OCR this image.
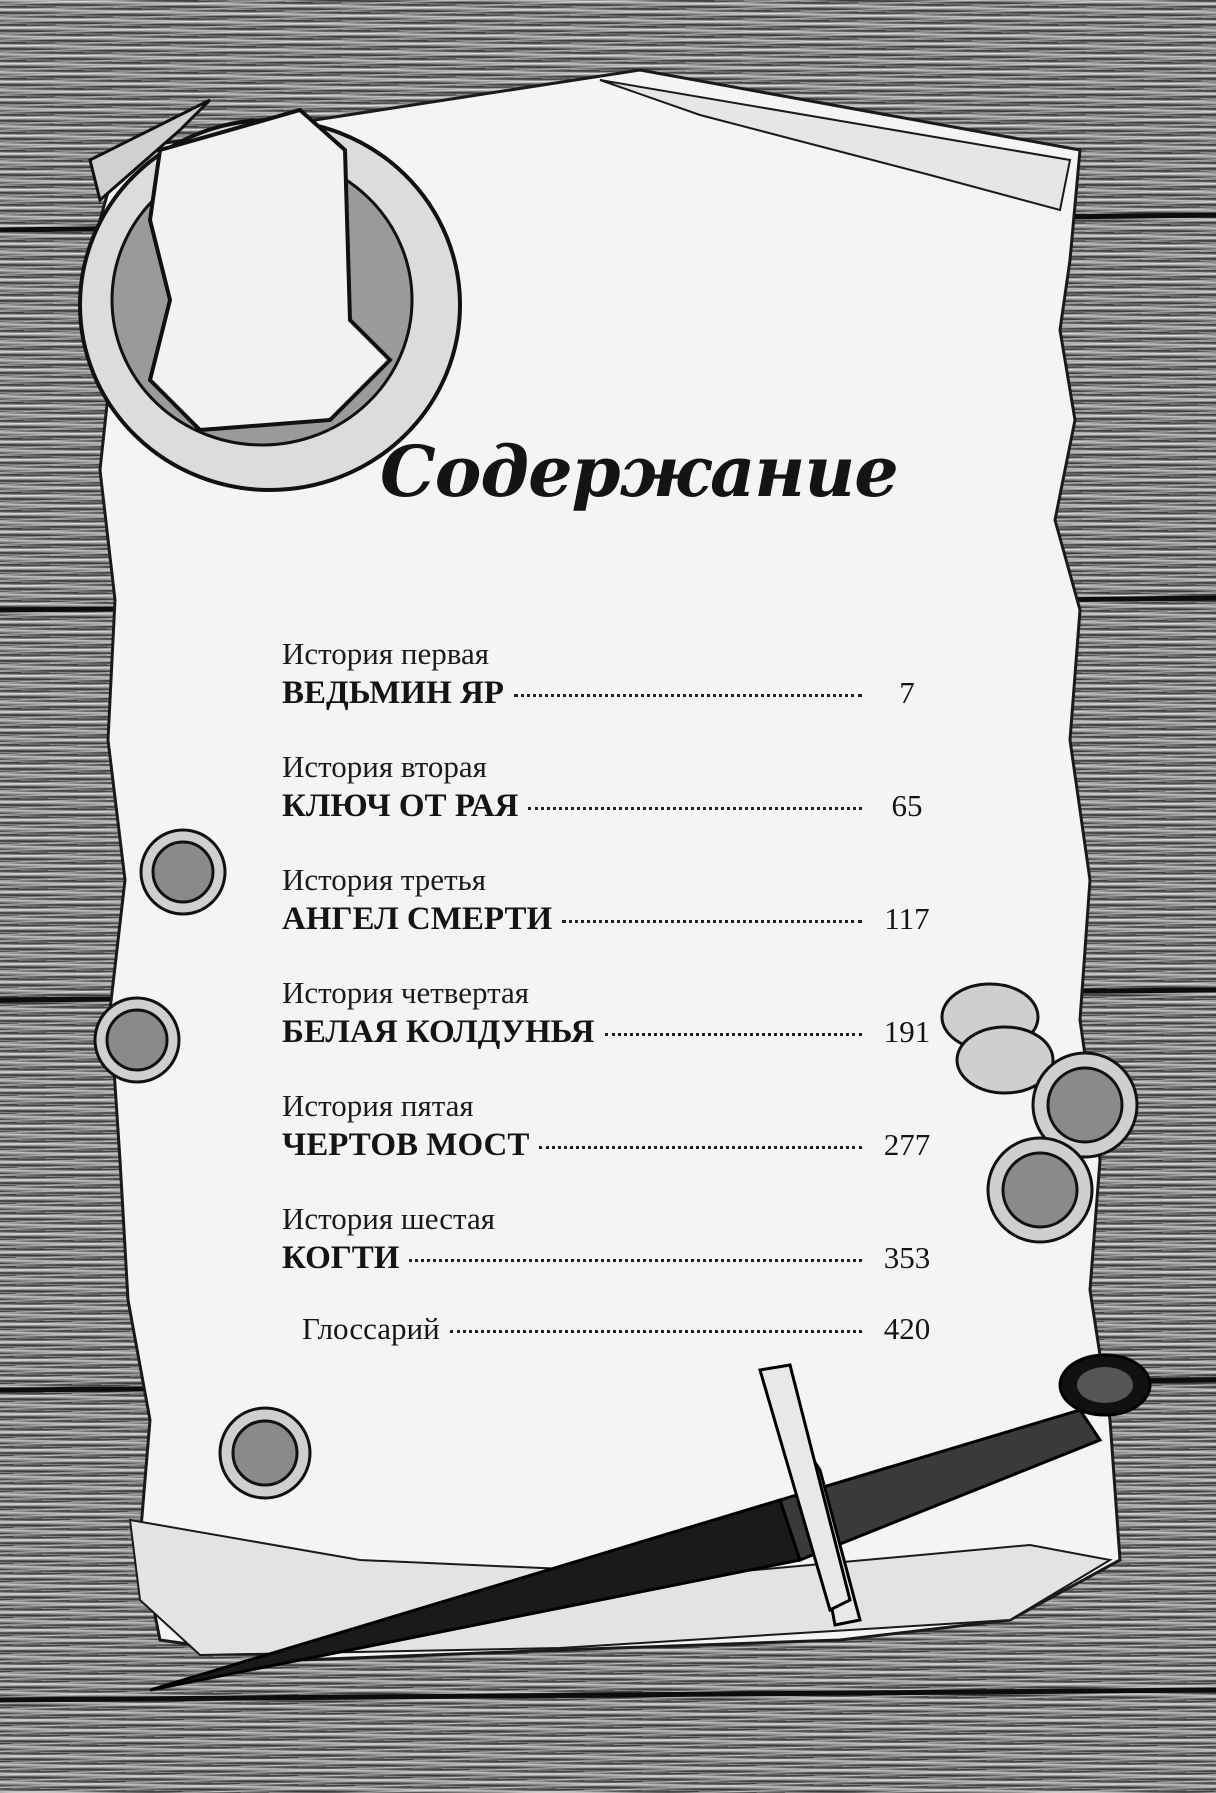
Содержание
История первая
ВЕДЬМИН ЯР	7
История вторая
КЛЮЧ ОТ РАЯ	65
История третья
АНГЕЛ СМЕРТИ	117
История четвертая
БЕЛАЯ КОЛДУНЬЯ	191
История пятая
ЧЕРТОВ МОСТ	277
История шестая
КОГТИ	353
Глоссарий	420
